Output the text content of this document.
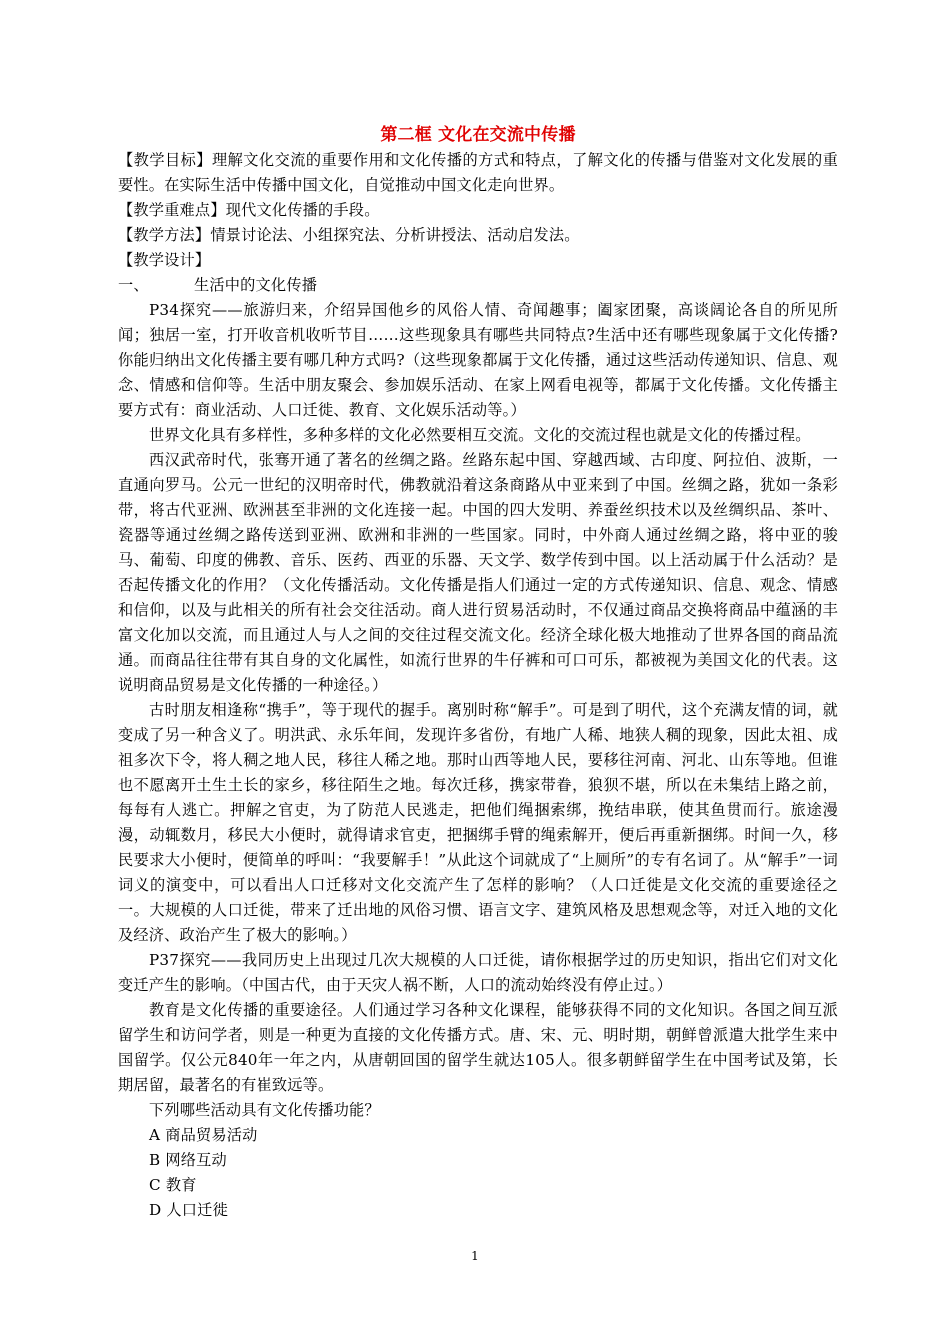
第二框 文化在交流中传播

【教学目标】理解文化交流的重要作用和文化传播的方式和特点，了解文化的传播与借鉴对文化发展的重要性。在实际生活中传播中国文化，自觉推动中国文化走向世界。

【教学重难点】现代文化传播的手段。

【教学方法】情景讨论法、小组探究法、分析讲授法、活动启发法。

【教学设计】

一、	生活中的文化传播

P34探究——旅游归来，介绍异国他乡的风俗人情、奇闻趣事；阖家团聚，高谈阔论各自的所见所闻；独居一室，打开收音机收听节目……这些现象具有哪些共同特点?生活中还有哪些现象属于文化传播?你能归纳出文化传播主要有哪几种方式吗?（这些现象都属于文化传播，通过这些活动传递知识、信息、观念、情感和信仰等。生活中朋友聚会、参加娱乐活动、在家上网看电视等，都属于文化传播。文化传播主要方式有：商业活动、人口迁徙、教育、文化娱乐活动等。）

世界文化具有多样性，多种多样的文化必然要相互交流。文化的交流过程也就是文化的传播过程。

西汉武帝时代，张骞开通了著名的丝绸之路。丝路东起中国、穿越西域、古印度、阿拉伯、波斯，一直通向罗马。公元一世纪的汉明帝时代，佛教就沿着这条商路从中亚来到了中国。丝绸之路，犹如一条彩带，将古代亚洲、欧洲甚至非洲的文化连接一起。中国的四大发明、养蚕丝织技术以及丝绸织品、茶叶、瓷器等通过丝绸之路传送到亚洲、欧洲和非洲的一些国家。同时，中外商人通过丝绸之路，将中亚的骏马、葡萄、印度的佛教、音乐、医药、西亚的乐器、天文学、数学传到中国。以上活动属于什么活动？是否起传播文化的作用？（文化传播活动。文化传播是指人们通过一定的方式传递知识、信息、观念、情感和信仰，以及与此相关的所有社会交往活动。商人进行贸易活动时，不仅通过商品交换将商品中蕴涵的丰富文化加以交流，而且通过人与人之间的交往过程交流文化。经济全球化极大地推动了世界各国的商品流通。而商品往往带有其自身的文化属性，如流行世界的牛仔裤和可口可乐，都被视为美国文化的代表。这说明商品贸易是文化传播的一种途径。）

古时朋友相逢称“携手”，等于现代的握手。离别时称“解手”。可是到了明代，这个充满友情的词，就变成了另一种含义了。明洪武、永乐年间，发现许多省份，有地广人稀、地狭人稠的现象，因此太祖、成祖多次下令，将人稠之地人民，移往人稀之地。那时山西等地人民，要移往河南、河北、山东等地。但谁也不愿离开土生土长的家乡，移往陌生之地。每次迁移，携家带眷，狼狈不堪，所以在未集结上路之前，每每有人逃亡。押解之官吏，为了防范人民逃走，把他们绳捆索绑，挽结串联，使其鱼贯而行。旅途漫漫，动辄数月，移民大小便时，就得请求官吏，把捆绑手臂的绳索解开，便后再重新捆绑。时间一久，移民要求大小便时，便简单的呼叫：“我要解手！”从此这个词就成了“上厕所”的专有名词了。从“解手”一词词义的演变中，可以看出人口迁移对文化交流产生了怎样的影响？（人口迁徙是文化交流的重要途径之一。大规模的人口迁徙，带来了迁出地的风俗习惯、语言文字、建筑风格及思想观念等，对迁入地的文化及经济、政治产生了极大的影响。）

P37探究——我同历史上出现过几次大规模的人口迁徙，请你根据学过的历史知识，指出它们对文化变迁产生的影响。（中国古代，由于天灾人祸不断，人口的流动始终没有停止过。）

教育是文化传播的重要途径。人们通过学习各种文化课程，能够获得不同的文化知识。各国之间互派留学生和访问学者，则是一种更为直接的文化传播方式。唐、宋、元、明时期，朝鲜曾派遣大批学生来中国留学。仅公元840年一年之内，从唐朝回国的留学生就达105人。很多朝鲜留学生在中国考试及第，长期居留，最著名的有崔致远等。

下列哪些活动具有文化传播功能？

A 商品贸易活动

B 网络互动

C 教育

D 人口迁徙

1
